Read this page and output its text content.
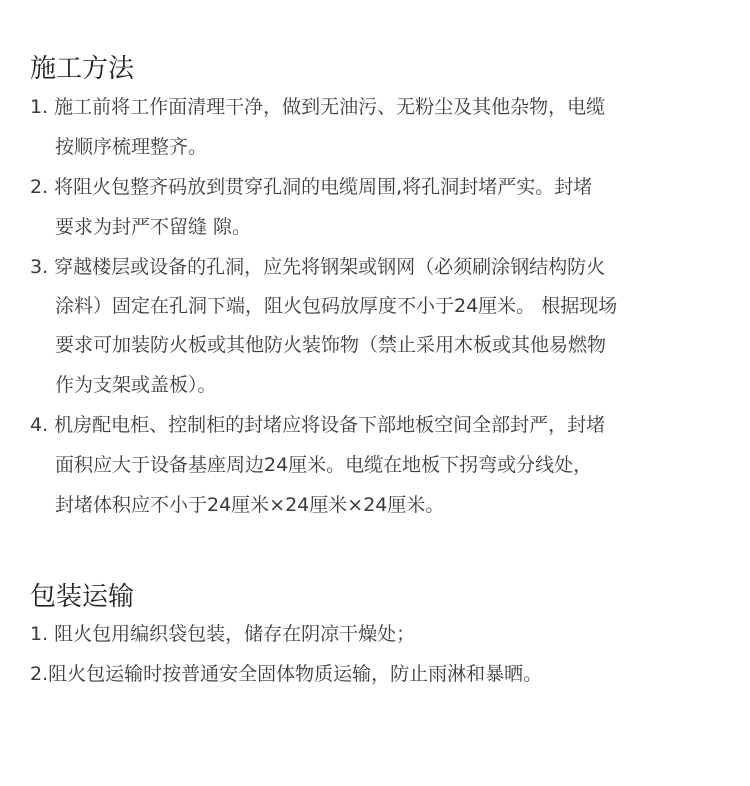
施工方法
1. 施工前将工作面清理干净，做到无油污、无粉尘及其他杂物，电缆
按顺序梳理整齐。
2. 将阻火包整齐码放到贯穿孔洞的电缆周围,将孔洞封堵严实。封堵
要求为封严不留缝 隙。
3. 穿越楼层或设备的孔洞，应先将钢架或钢网（必须刷涂钢结构防火
涂料）固定在孔洞下端，阻火包码放厚度不小于24厘米。 根据现场
要求可加装防火板或其他防火装饰物（禁止采用木板或其他易燃物
作为支架或盖板）。
4. 机房配电柜、控制柜的封堵应将设备下部地板空间全部封严，封堵
面积应大于设备基座周边24厘米。电缆在地板下拐弯或分线处，
封堵体积应不小于24厘米×24厘米×24厘米。
包装运输
1. 阻火包用编织袋包装，储存在阴凉干燥处；
2.阻火包运输时按普通安全固体物质运输，防止雨淋和暴晒。
